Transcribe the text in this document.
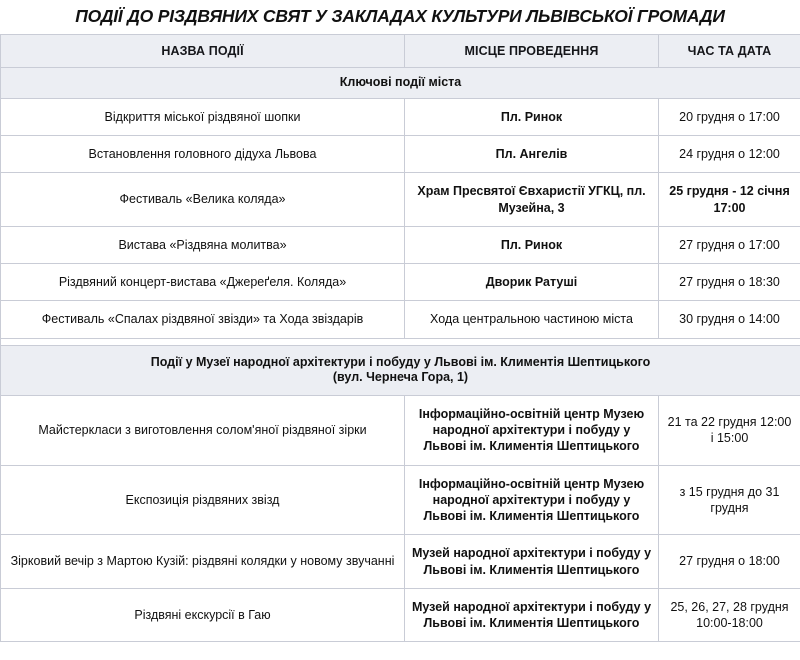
ПОДІЇ ДО РІЗДВЯНИХ СВЯТ У ЗАКЛАДАХ КУЛЬТУРИ ЛЬВІВСЬКОЇ ГРОМАДИ
НАЗВА ПОДІЇ	МІСЦЕ ПРОВЕДЕННЯ	ЧАС ТА ДАТА
Ключові події міста		
Відкриття міської різдвяної шопки	Пл. Ринок	20 грудня о 17:00
Встановлення головного дідуха Львова	Пл. Ангелів	24 грудня о 12:00
Фестиваль «Велика коляда»	Храм Пресвятої Євхаристії УГКЦ, пл. Музейна, 3	25 грудня - 12 січня 17:00
Вистава «Різдвяна молитва»	Пл. Ринок	27 грудня о 17:00
Різдвяний концерт-вистава «Джереґеля. Коляда»	Дворик Ратуші	27 грудня о 18:30
Фестиваль «Спалах різдвяної звізди» та Хода звіздарів	Хода центральною частиною міста	30 грудня о 14:00

Події у Музеї народної архітектури і побуду у Львові ім. Климентія Шептицького
(вул. Чернеча Гора, 1)		

Майстеркласи з виготовлення солом'яної різдвяної зірки	Інформаційно-освітній центр Музею народної архітектури і побуду у Львові ім. Климентія Шептицького	21 та 22 грудня 12:00 і 15:00
Експозиція різдвяних звізд	Інформаційно-освітній центр Музею народної архітектури і побуду у Львові ім. Климентія Шептицького	з 15 грудня до 31 грудня
Зірковий вечір з Мартою Кузій: різдвяні колядки у новому звучанні	Музей народної архітектури і побуду у Львові ім. Климентія Шептицького	27 грудня о 18:00
Різдвяні екскурсії в Гаю	Музей народної архітектури і побуду у Львові ім. Климентія Шептицького	25, 26, 27, 28 грудня 10:00-18:00
